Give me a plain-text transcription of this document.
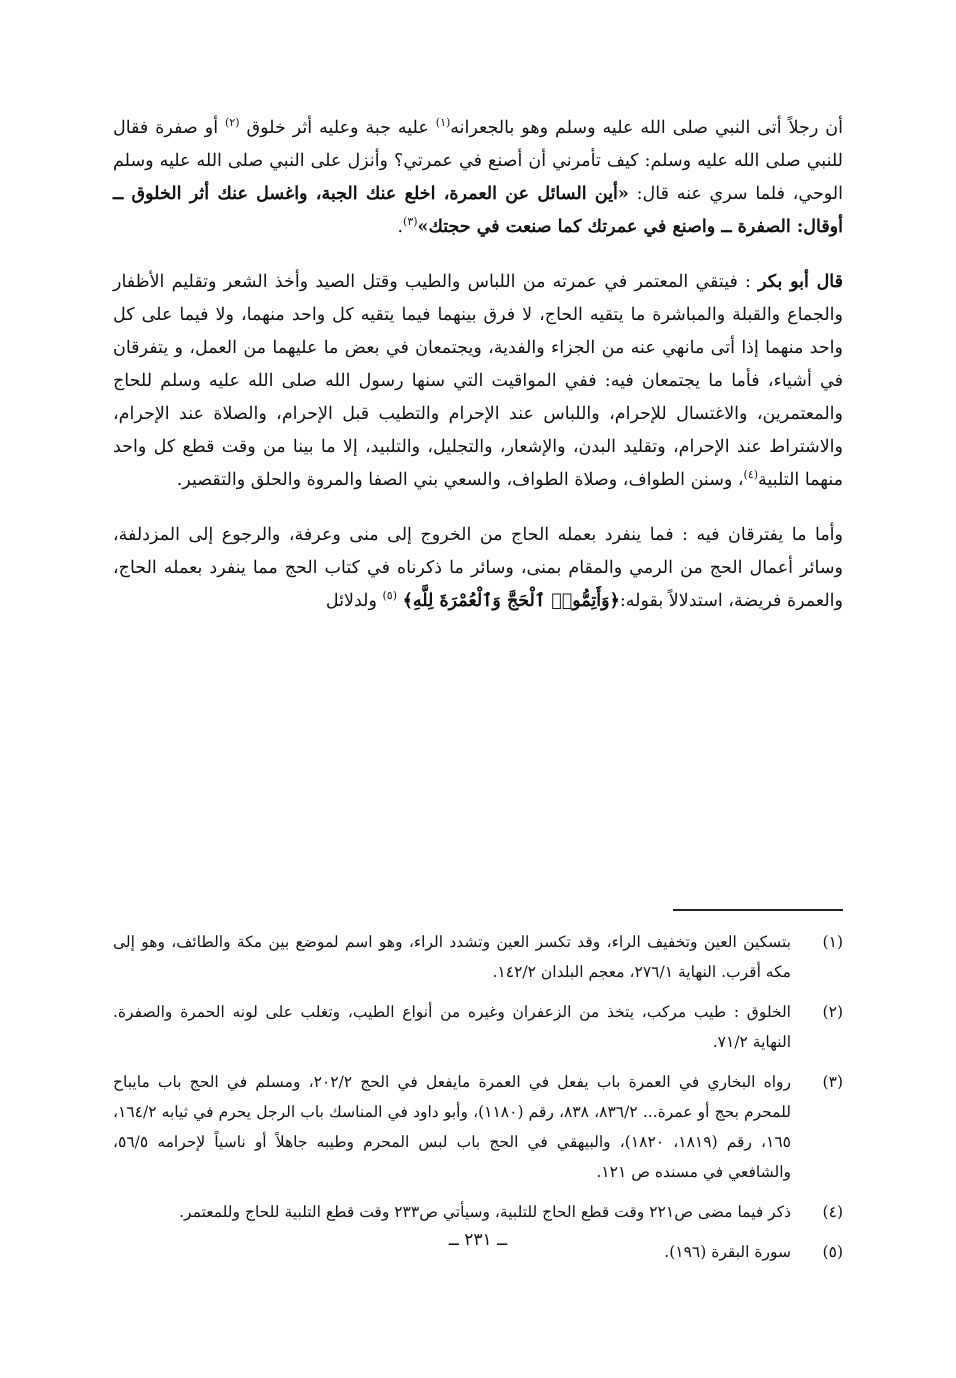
أن رجلاً أتى النبي صلى الله عليه وسلم وهو بالجعرانه$^{(١)}$ عليه جبة وعليه أثر خلوق $^{(٢)}$ أو صفرة فقال للنبي صلى الله عليه وسلم: كيف تأمرني أن أصنع في عمرتي؟ وأنزل على النبي صلى الله عليه وسلم الوحي، فلما سري عنه قال: «أين السائل عن العمرة، اخلع عنك الجبة، واغسل عنك أثر الخلوق ــ أوقال: الصفرة ــ واصنع في عمرتك كما صنعت في حجتك»$^{(٣)}$.

قال أبو بكر : فيتقي المعتمر في عمرته من اللباس والطيب وقتل الصيد وأخذ الشعر وتقليم الأظفار والجماع والقبلة والمباشرة ما يتقيه الحاج، لا فرق بينهما فيما يتقيه كل واحد منهما، ولا فيما على كل واحد منهما إذا أتى مانهي عنه من الجزاء والفدية، ويجتمعان في بعض ما عليهما من العمل، و يتفرقان في أشياء، فأما ما يجتمعان فيه: ففي المواقيت التي سنها رسول الله صلى الله عليه وسلم للحاج والمعتمرين، والاغتسال للإحرام، واللباس عند الإحرام والتطيب قبل الإحرام، والصلاة عند الإحرام، والاشتراط عند الإحرام، وتقليد البدن، والإشعار، والتجليل، والتلبيد، إلا ما بينا من وقت قطع كل واحد منهما التلبية$^{(٤)}$، وسنن الطواف، وصلاة الطواف، والسعي بني الصفا والمروة والحلق والتقصير.

وأما ما يفترقان فيه : فما ينفرد بعمله الحاج من الخروج إلى منى وعرفة، والرجوع إلى المزدلفة، وسائر أعمال الحج من الرمي والمقام بمنى، وسائر ما ذكرناه في كتاب الحج مما ينفرد بعمله الحاج، والعمرة فريضة، استدلالاً بقوله:﴿وَأَتِمُّوا۟ ٱلْحَجَّ وَٱلْعُمْرَةَ لِلَّهِ﴾ $^{(٥)}$ ولدلائل

(١)
بتسكين العين وتخفيف الراء، وقد تكسر العين وتشدد الراء، وهو اسم لموضع بين مكة والطائف، وهو إلى مكه أقرب. النهاية ٢٧٦/١، معجم البلدان ١٤٢/٢.
(٢)
الخلوق : طيب مركب، يتخذ من الزعفران وغيره من أنواع الطيب، وتغلب على لونه الحمرة والصفرة. النهاية ٧١/٢.
(٣)
رواه البخاري في العمرة باب يفعل في العمرة مايفعل في الحج ٢٠٢/٢، ومسلم في الحج باب مايباح للمحرم بحج أو عمرة... ٨٣٦/٢، ٨٣٨، رقم (١١٨٠)، وأبو داود في المناسك باب الرجل يحرم في ثيابه ١٦٤/٢، ١٦٥، رقم (١٨١٩، ١٨٢٠)، والبيهقي في الحج باب لبس المحرم وطيبه جاهلاً أو ناسياً لإحرامه ٥٦/٥، والشافعي في مسنده ص ١٢١.
(٤)
ذكر فيما مضى ص٢٢١ وقت قطع الحاج للتلبية، وسيأتي ص٢٣٣ وقت قطع التلبية للحاج وللمعتمر.
(٥)
سورة البقرة (١٩٦).
ــ ٢٣١ ــ
